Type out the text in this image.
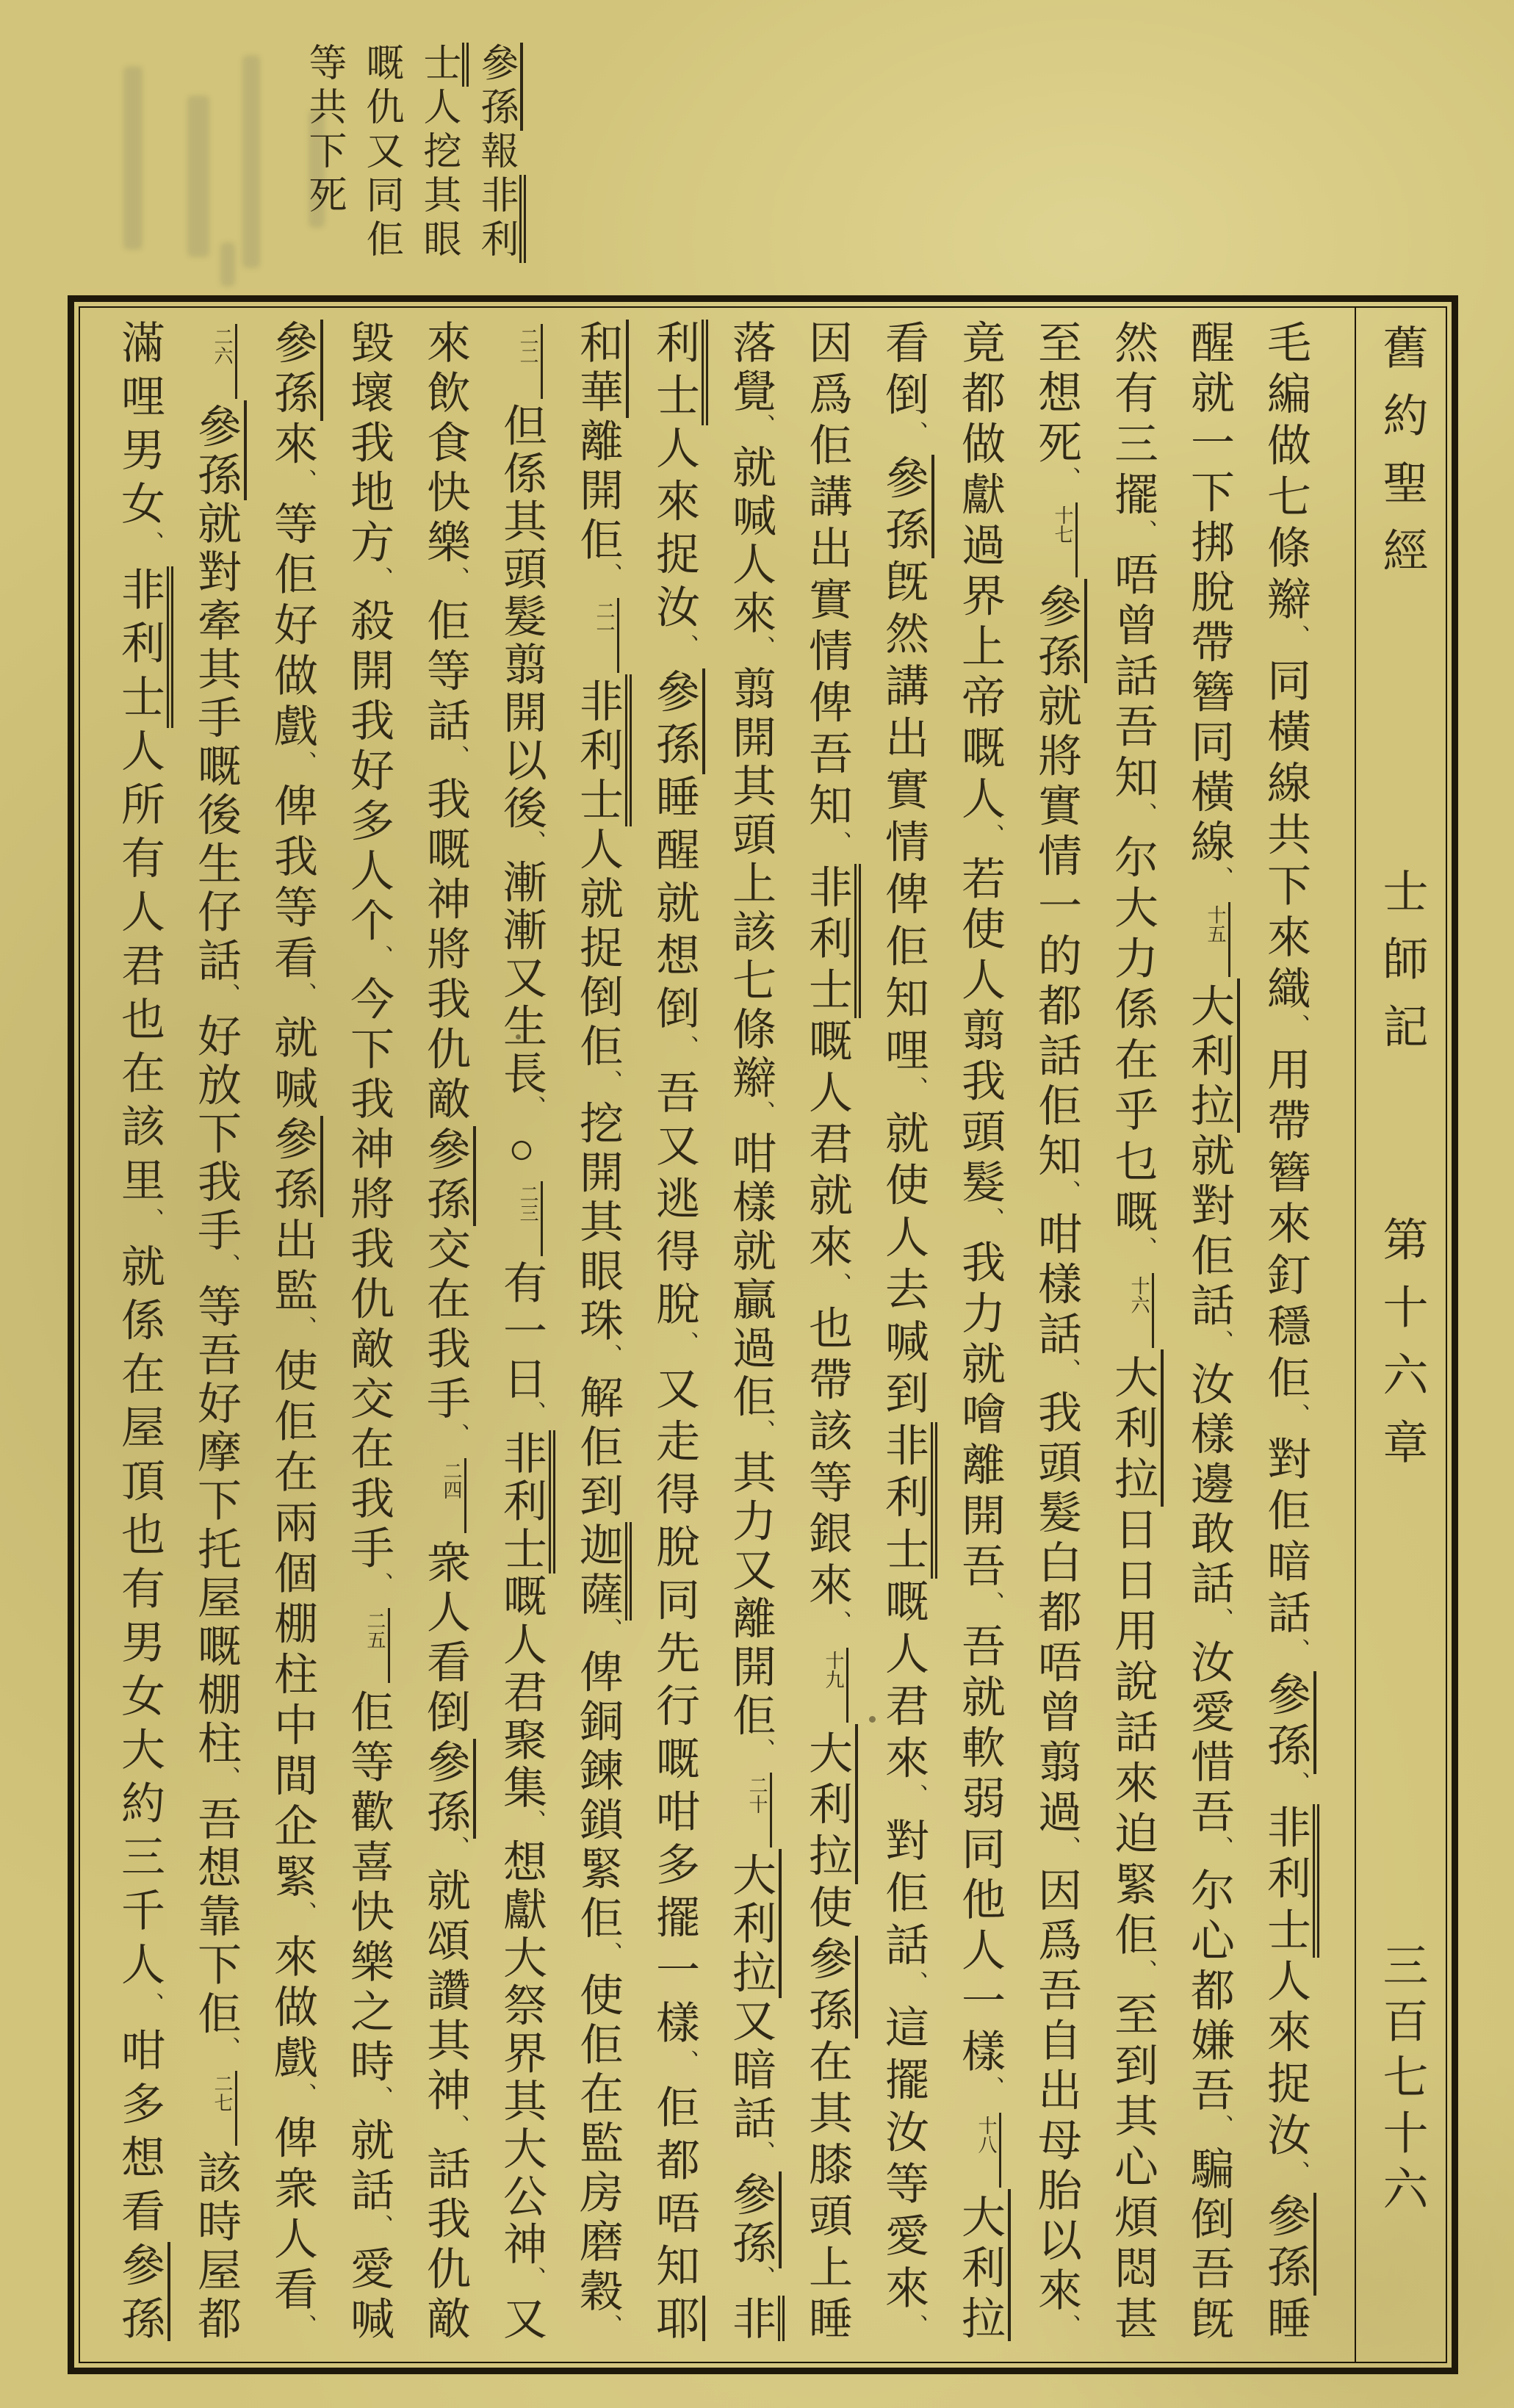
參孫報非利
士人挖其眼
嘅仇又同佢
等共下死
舊約聖經士師記第十六章三百七十六
毛編做七條辮、同橫線共下來織、用帶簪來釘穩佢、對佢暗話、參孫、非利士人來捉汝、參孫睡
醒就一下挷脫帶簪同橫線、十五大利拉就對佢話、汝樣邊敢話、汝愛惜吾、尔心都嫌吾、騙倒吾旣
然有三擺、唔曾話吾知、尔大力係在乎乜嘅、十六大利拉日日用說話來迫緊佢、至到其心煩悶甚
至想死、十七參孫就將實情一的都話佢知、咁樣話、我頭髮白都唔曾翦過、因爲吾自出母胎以來、
竟都做獻過界上帝嘅人、若使人翦我頭髮、我力就噲離開吾、吾就軟弱同他人一樣、十八大利拉
看倒、參孫旣然講出實情俾佢知哩、就使人去喊到非利士嘅人君來、對佢話、這擺汝等愛來、
因爲佢講出實情俾吾知、非利士嘅人君就來、也帶該等銀來、十九大利拉使參孫在其膝頭上睡
落覺、就喊人來、翦開其頭上該七條辮、咁樣就贏過佢、其力又離開佢、二十大利拉又暗話、參孫、非
利士人來捉汝、參孫睡醒就想倒、吾又逃得脫、又走得脫同先行嘅咁多擺一樣、佢都唔知耶
和華離開佢、二一非利士人就捉倒佢、挖開其眼珠、解佢到迦薩、俾銅鍊鎖緊佢、使佢在監房磨穀、
二二但係其頭髮翦開以後、漸漸又生長、○二三有一日、非利士嘅人君聚集、想獻大祭界其大公神、又
來飲食快樂、佢等話、我嘅神將我仇敵參孫交在我手、二四衆人看倒參孫、就頌讚其神、話我仇敵
毀壞我地方、殺開我好多人个、今下我神將我仇敵交在我手、二五佢等歡喜快樂之時、就話、愛喊
參孫來、等佢好做戲、俾我等看、就喊參孫出監、使佢在兩個棚柱中間企緊、來做戲、俾衆人看、
二六參孫就對牽其手嘅後生仔話、好放下我手、等吾好摩下托屋嘅棚柱、吾想靠下佢、二七該時屋都
滿哩男女、非利士人所有人君也在該里、就係在屋頂也有男女大約三千人、咁多想看參孫
